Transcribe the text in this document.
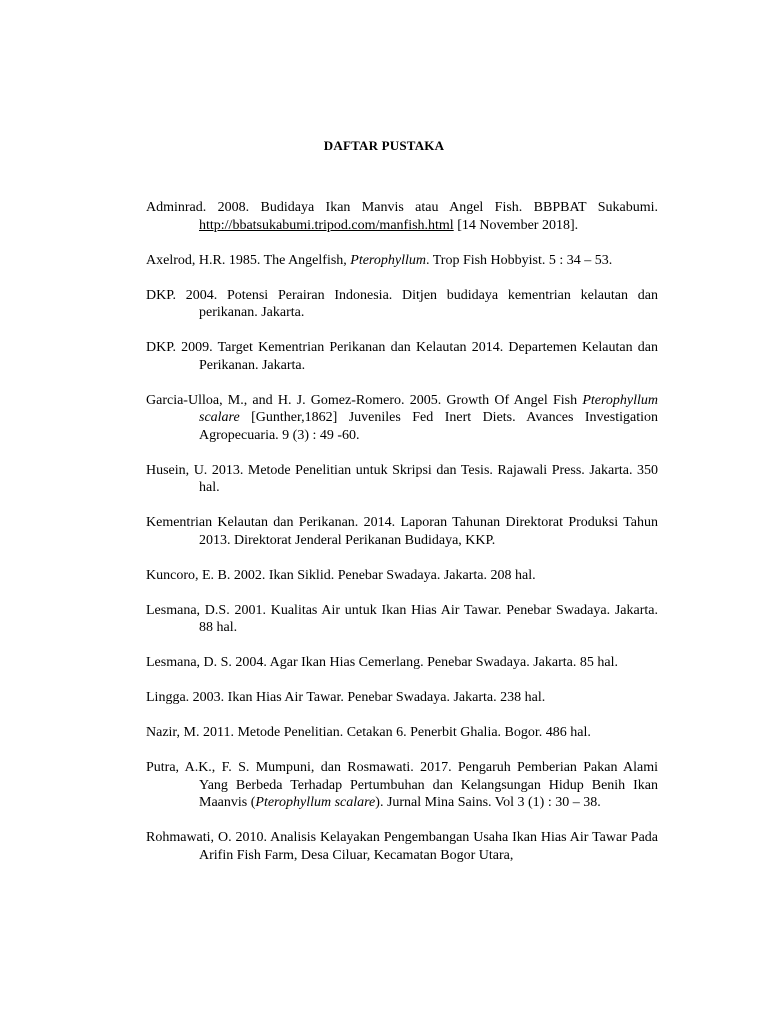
DAFTAR PUSTAKA

Adminrad. 2008. Budidaya Ikan Manvis atau Angel Fish. BBPBAT Sukabumi. http://bbatsukabumi.tripod.com/manfish.html [14 November 2018].

Axelrod, H.R. 1985. The Angelfish, Pterophyllum. Trop Fish Hobbyist. 5 : 34 – 53.

DKP. 2004. Potensi Perairan Indonesia. Ditjen budidaya kementrian kelautan dan perikanan. Jakarta.

DKP. 2009. Target Kementrian Perikanan dan Kelautan 2014. Departemen Kelautan dan Perikanan. Jakarta.

Garcia-Ulloa, M., and H. J. Gomez-Romero. 2005. Growth Of Angel Fish Pterophyllum scalare [Gunther,1862] Juveniles Fed Inert Diets. Avances Investigation Agropecuaria. 9 (3) : 49 -60.

Husein, U. 2013. Metode Penelitian untuk Skripsi dan Tesis. Rajawali Press. Jakarta. 350 hal.

Kementrian Kelautan dan Perikanan. 2014. Laporan Tahunan Direktorat Produksi Tahun 2013. Direktorat Jenderal Perikanan Budidaya, KKP.

Kuncoro, E. B. 2002. Ikan Siklid. Penebar Swadaya. Jakarta. 208 hal.

Lesmana, D.S. 2001. Kualitas Air untuk Ikan Hias Air Tawar. Penebar Swadaya. Jakarta. 88 hal.

Lesmana, D. S. 2004. Agar Ikan Hias Cemerlang. Penebar Swadaya. Jakarta. 85 hal.

Lingga. 2003. Ikan Hias Air Tawar. Penebar Swadaya. Jakarta. 238 hal.

Nazir, M. 2011. Metode Penelitian. Cetakan 6. Penerbit Ghalia. Bogor. 486 hal.

Putra, A.K., F. S. Mumpuni, dan Rosmawati. 2017. Pengaruh Pemberian Pakan Alami Yang Berbeda Terhadap Pertumbuhan dan Kelangsungan Hidup Benih Ikan Maanvis (Pterophyllum scalare). Jurnal Mina Sains. Vol 3 (1) : 30 – 38.

Rohmawati, O. 2010. Analisis Kelayakan Pengembangan Usaha Ikan Hias Air Tawar Pada Arifin Fish Farm, Desa Ciluar, Kecamatan Bogor Utara,
